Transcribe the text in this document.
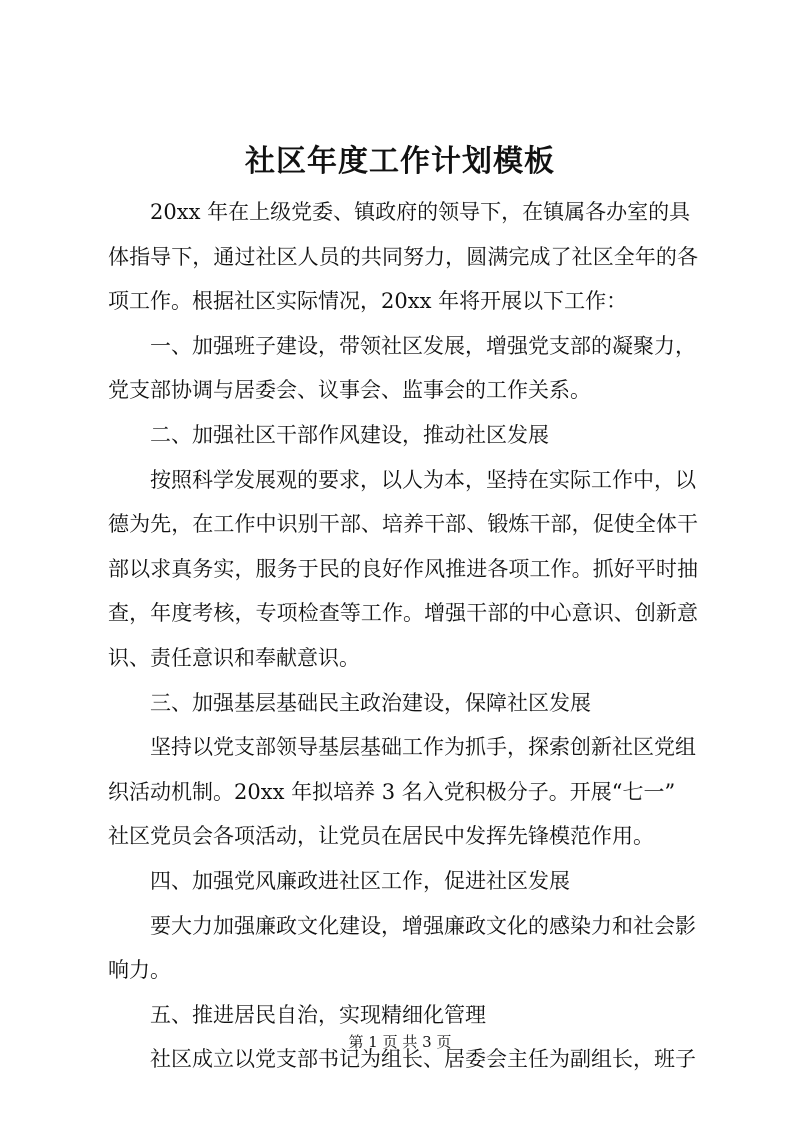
社区年度工作计划模板
20xx 年在上级党委、镇政府的领导下，在镇属各办室的具
体指导下，通过社区人员的共同努力，圆满完成了社区全年的各
项工作。根据社区实际情况，20xx 年将开展以下工作：
一、加强班子建设，带领社区发展，增强党支部的凝聚力，
党支部协调与居委会、议事会、监事会的工作关系。
二、加强社区干部作风建设，推动社区发展
按照科学发展观的要求，以人为本，坚持在实际工作中，以
德为先，在工作中识别干部、培养干部、锻炼干部，促使全体干
部以求真务实，服务于民的良好作风推进各项工作。抓好平时抽
查，年度考核，专项检查等工作。增强干部的中心意识、创新意
识、责任意识和奉献意识。
三、加强基层基础民主政治建设，保障社区发展
坚持以党支部领导基层基础工作为抓手，探索创新社区党组
织活动机制。20xx 年拟培养 3 名入党积极分子。开展“七一”
社区党员会各项活动，让党员在居民中发挥先锋模范作用。
四、加强党风廉政进社区工作，促进社区发展
要大力加强廉政文化建设，增强廉政文化的感染力和社会影
响力。
五、推进居民自治，实现精细化管理
社区成立以党支部书记为组长、居委会主任为副组长，班子
第 1 页 共 3 页
